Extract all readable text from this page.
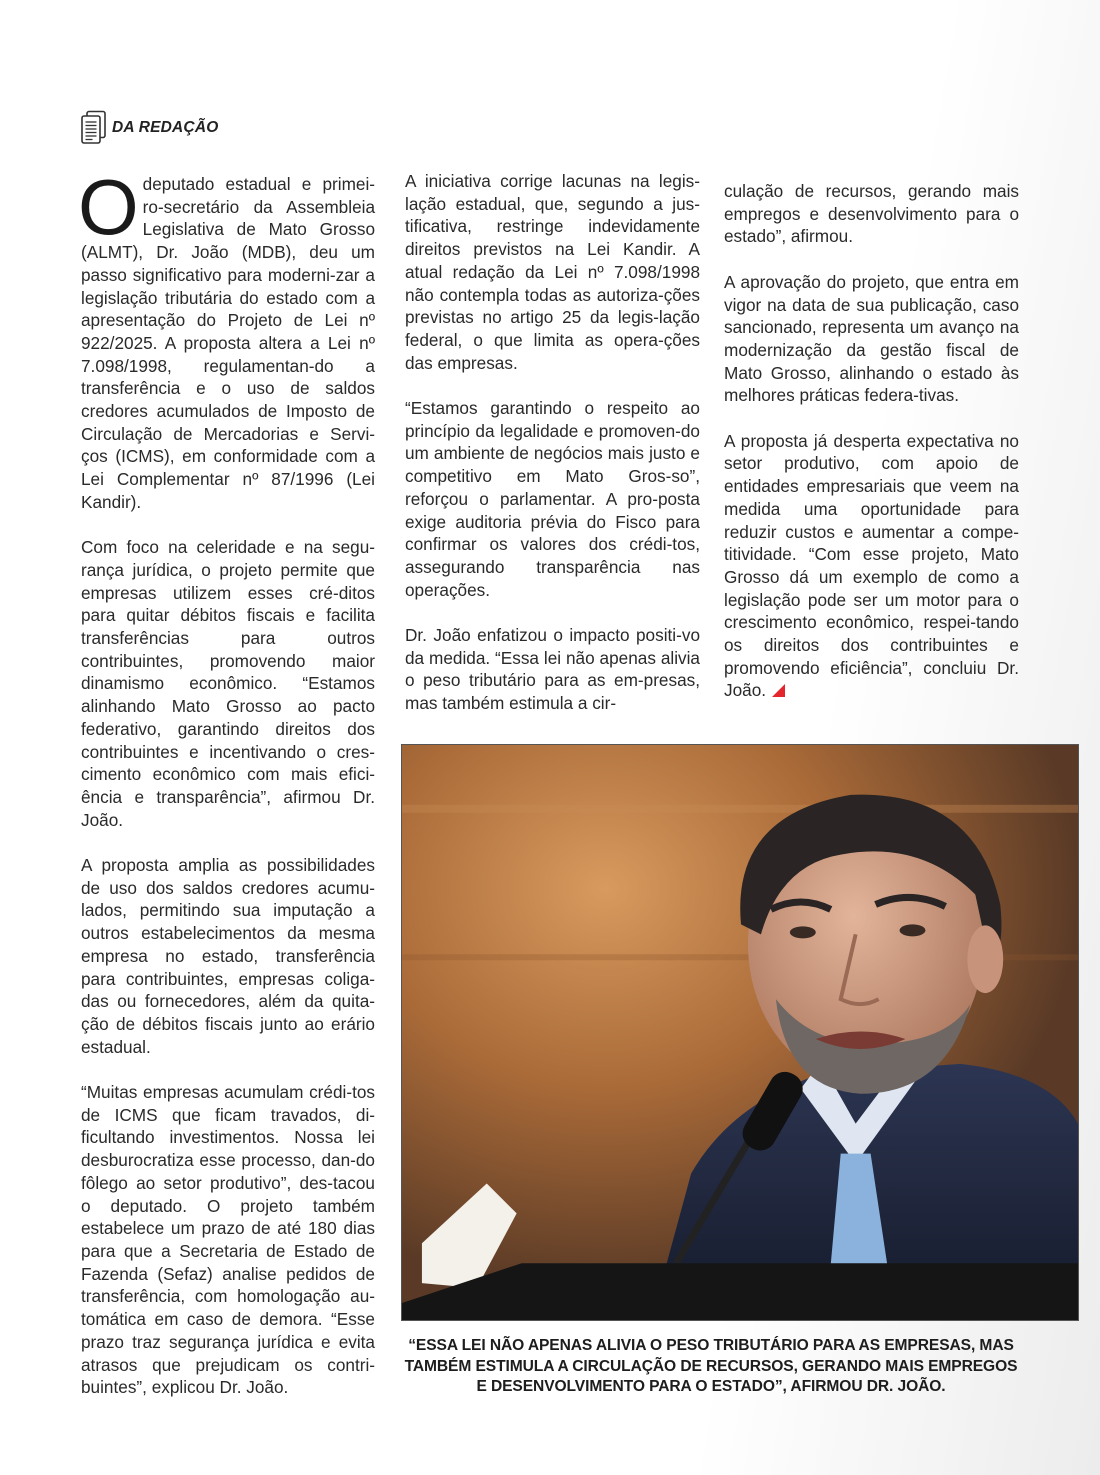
DA REDAÇÃO

O deputado estadual e primei-ro-secretário da Assembleia Legislativa de Mato Grosso (ALMT), Dr. João (MDB), deu um passo significativo para moderni-zar a legislação tributária do estado com a apresentação do Projeto de Lei nº 922/2025. A proposta altera a Lei nº 7.098/1998, regulamentan-do a transferência e o uso de saldos credores acumulados de Imposto de Circulação de Mercadorias e Servi-ços (ICMS), em conformidade com a Lei Complementar nº 87/1996 (Lei Kandir).

Com foco na celeridade e na segu-rança jurídica, o projeto permite que empresas utilizem esses cré-ditos para quitar débitos fiscais e facilita transferências para outros contribuintes, promovendo maior dinamismo econômico. “Estamos alinhando Mato Grosso ao pacto federativo, garantindo direitos dos contribuintes e incentivando o cres-cimento econômico com mais efici-ência e transparência”, afirmou Dr. João.

A proposta amplia as possibilidades de uso dos saldos credores acumu-lados, permitindo sua imputação a outros estabelecimentos da mesma empresa no estado, transferência para contribuintes, empresas coliga-das ou fornecedores, além da quita-ção de débitos fiscais junto ao erário estadual.

“Muitas empresas acumulam crédi-tos de ICMS que ficam travados, di-ficultando investimentos. Nossa lei desburocratiza esse processo, dan-do fôlego ao setor produtivo”, des-tacou o deputado. O projeto também estabelece um prazo de até 180 dias para que a Secretaria de Estado de Fazenda (Sefaz) analise pedidos de transferência, com homologação au-tomática em caso de demora. “Esse prazo traz segurança jurídica e evita atrasos que prejudicam os contri-buintes”, explicou Dr. João.

A iniciativa corrige lacunas na legis-lação estadual, que, segundo a jus-tificativa, restringe indevidamente direitos previstos na Lei Kandir. A atual redação da Lei nº 7.098/1998 não contempla todas as autoriza-ções previstas no artigo 25 da legis-lação federal, o que limita as opera-ções das empresas.

“Estamos garantindo o respeito ao princípio da legalidade e promoven-do um ambiente de negócios mais justo e competitivo em Mato Gros-so”, reforçou o parlamentar. A pro-posta exige auditoria prévia do Fisco para confirmar os valores dos crédi-tos, assegurando transparência nas operações.

Dr. João enfatizou o impacto positi-vo da medida. “Essa lei não apenas alivia o peso tributário para as em-presas, mas também estimula a cir-

culação de recursos, gerando mais empregos e desenvolvimento para o estado”, afirmou.

A aprovação do projeto, que entra em vigor na data de sua publicação, caso sancionado, representa um avanço na modernização da gestão fiscal de Mato Grosso, alinhando o estado às melhores práticas federa-tivas.

A proposta já desperta expectativa no setor produtivo, com apoio de entidades empresariais que veem na medida uma oportunidade para reduzir custos e aumentar a compe-titividade. “Com esse projeto, Mato Grosso dá um exemplo de como a legislação pode ser um motor para o crescimento econômico, respei-tando os direitos dos contribuintes e promovendo eficiência”, concluiu Dr. João.

“ESSA LEI NÃO APENAS ALIVIA O PESO TRIBUTÁRIO PARA AS EMPRESAS, MAS TAMBÉM ESTIMULA A CIRCULAÇÃO DE RECURSOS, GERANDO MAIS EMPREGOS E DESENVOLVIMENTO PARA O ESTADO”, AFIRMOU DR. JOÃO.
